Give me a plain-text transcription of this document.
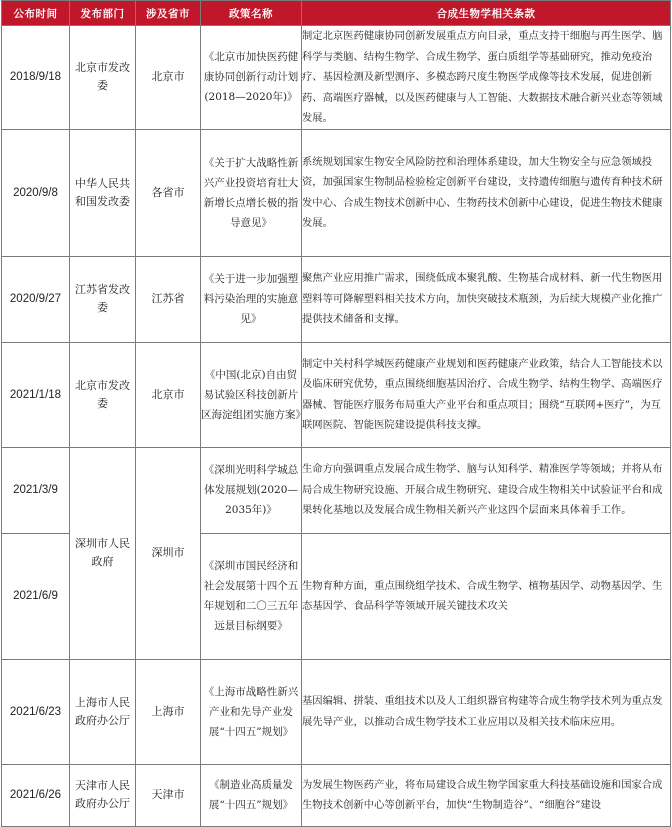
公布时间	发布部门	涉及省市	政策名称	合成生物学相关条款
2018/9/18	北京市发改委	北京市	《北京市加快医药健康协同创新行动计划(2018—2020年)》	制定北京医药健康协同创新发展重点方向目录，重点支持干细胞与再生医学、脑科学与类脑、结构生物学、合成生物学、蛋白质组学等基础研究，推动免疫治疗、基因检测及新型测序、多模态跨尺度生物医学成像等技术发展，促进创新药、高端医疗器械，以及医药健康与人工智能、大数据技术融合新兴业态等领域发展。
2020/9/8	中华人民共和国发改委	各省市	《关于扩大战略性新兴产业投资培育壮大新增长点增长极的指导意见》	系统规划国家生物安全风险防控和治理体系建设，加大生物安全与应急领域投资，加强国家生物制品检验检定创新平台建设，支持遗传细胞与遗传育种技术研发中心、合成生物技术创新中心、生物药技术创新中心建设，促进生物技术健康发展。
2020/9/27	江苏省发改委	江苏省	《关于进一步加强塑料污染治理的实施意见》	聚焦产业应用推广需求，围绕低成本聚乳酸、生物基合成材料、新一代生物医用塑料等可降解塑料相关技术方向，加快突破技术瓶颈，为后续大规模产业化推广提供技术储备和支撑。
2021/1/18	北京市发改委	北京市	《中国(北京)自由贸易试验区科技创新片区海淀组团实施方案》	制定中关村科学城医药健康产业规划和医药健康产业政策，结合人工智能技术以及临床研究优势，重点围绕细胞基因治疗、合成生物学、结构生物学、高端医疗器械、智能医疗服务布局重大产业平台和重点项目；围绕“互联网+医疗”，为互联网医院、智能医院建设提供科技支撑。
2021/3/9	深圳市人民政府	深圳市	《深圳光明科学城总体发展规划(2020—2035年)》	生命方向强调重点发展合成生物学、脑与认知科学、精准医学等领域；并将从布局合成生物研究设施、开展合成生物研究、建设合成生物相关中试验证平台和成果转化基地以及发展合成生物相关新兴产业这四个层面来具体着手工作。
2021/6/9			《深圳市国民经济和社会发展第十四个五年规划和二〇三五年远景目标纲要》	生物育种方面，重点围绕组学技术、合成生物学、植物基因学、动物基因学、生态基因学、食品科学等领域开展关键技术攻关
2021/6/23	上海市人民政府办公厅	上海市	《上海市战略性新兴产业和先导产业发展“十四五”规划》	基因编辑、拼装、重组技术以及人工组织器官构建等合成生物学技术列为重点发展先导产业，以推动合成生物学技术工业应用以及相关技术临床应用。
2021/6/26	天津市人民政府办公厅	天津市	《制造业高质量发展“十四五”规划》	为发展生物医药产业，将布局建设合成生物学国家重大科技基础设施和国家合成生物技术创新中心等创新平台，加快“生物制造谷”、“细胞谷”建设
